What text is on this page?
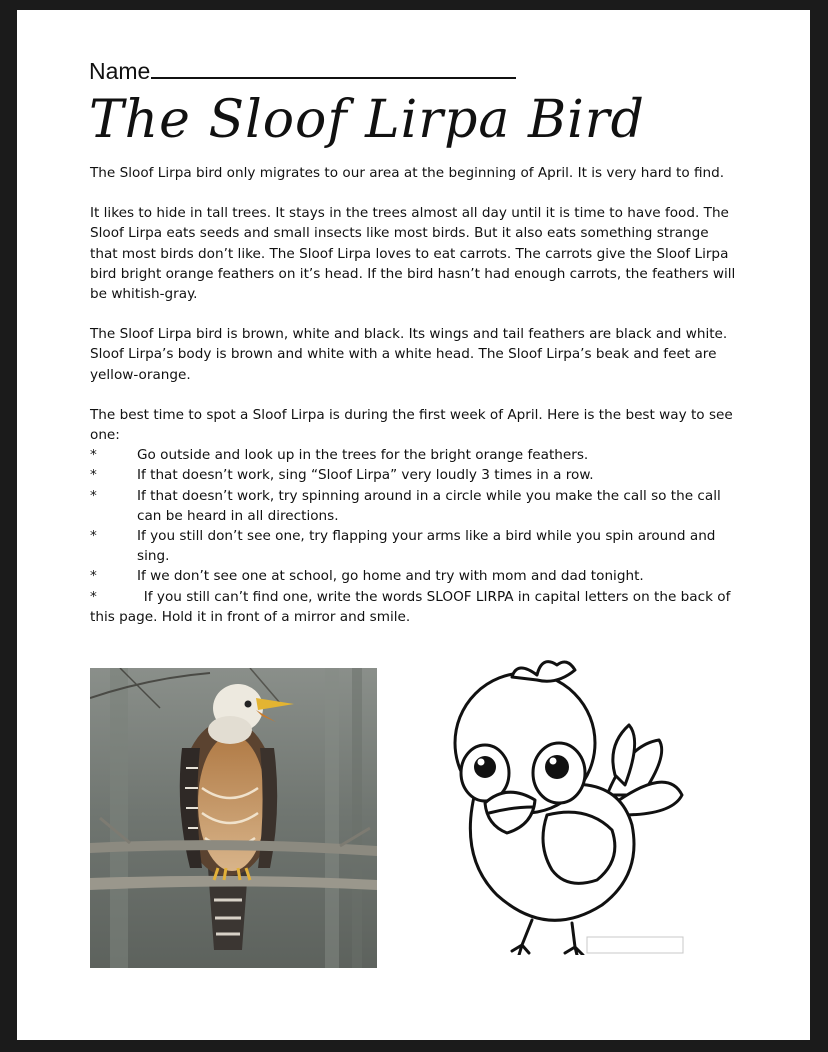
Name
The Sloof Lirpa Bird

The Sloof Lirpa bird only migrates to our area at the beginning of April. It is very hard to find.

It likes to hide in tall trees. It stays in the trees almost all day until it is time to have food. The Sloof Lirpa eats seeds and small insects like most birds. But it also eats something strange that most birds don’t like. The Sloof Lirpa loves to eat carrots. The carrots give the Sloof Lirpa bird bright orange feathers on it’s head. If the bird hasn’t had enough carrots, the feathers will be whitish-gray.

The Sloof Lirpa bird is brown, white and black. Its wings and tail feathers are black and white. Sloof Lirpa’s body is brown and white with a white head. The Sloof Lirpa’s beak and feet are yellow-orange.

The best time to spot a Sloof Lirpa is during the first week of April. Here is the best way to see one:

*	Go outside and look up in the trees for the bright orange feathers.
*	If that doesn’t work, sing “Sloof Lirpa” very loudly 3 times in a row.
*	If that doesn’t work, try spinning around in a circle while you make the call so the call can be heard in all directions.
*	If you still don’t see one, try flapping your arms like a bird while you spin around and sing.
*	If we don’t see one at school, go home and try with mom and dad tonight.
*	If you still can’t find one, write the words SLOOF LIRPA in capital letters on the back of this page. Hold it in front of a mirror and smile.
